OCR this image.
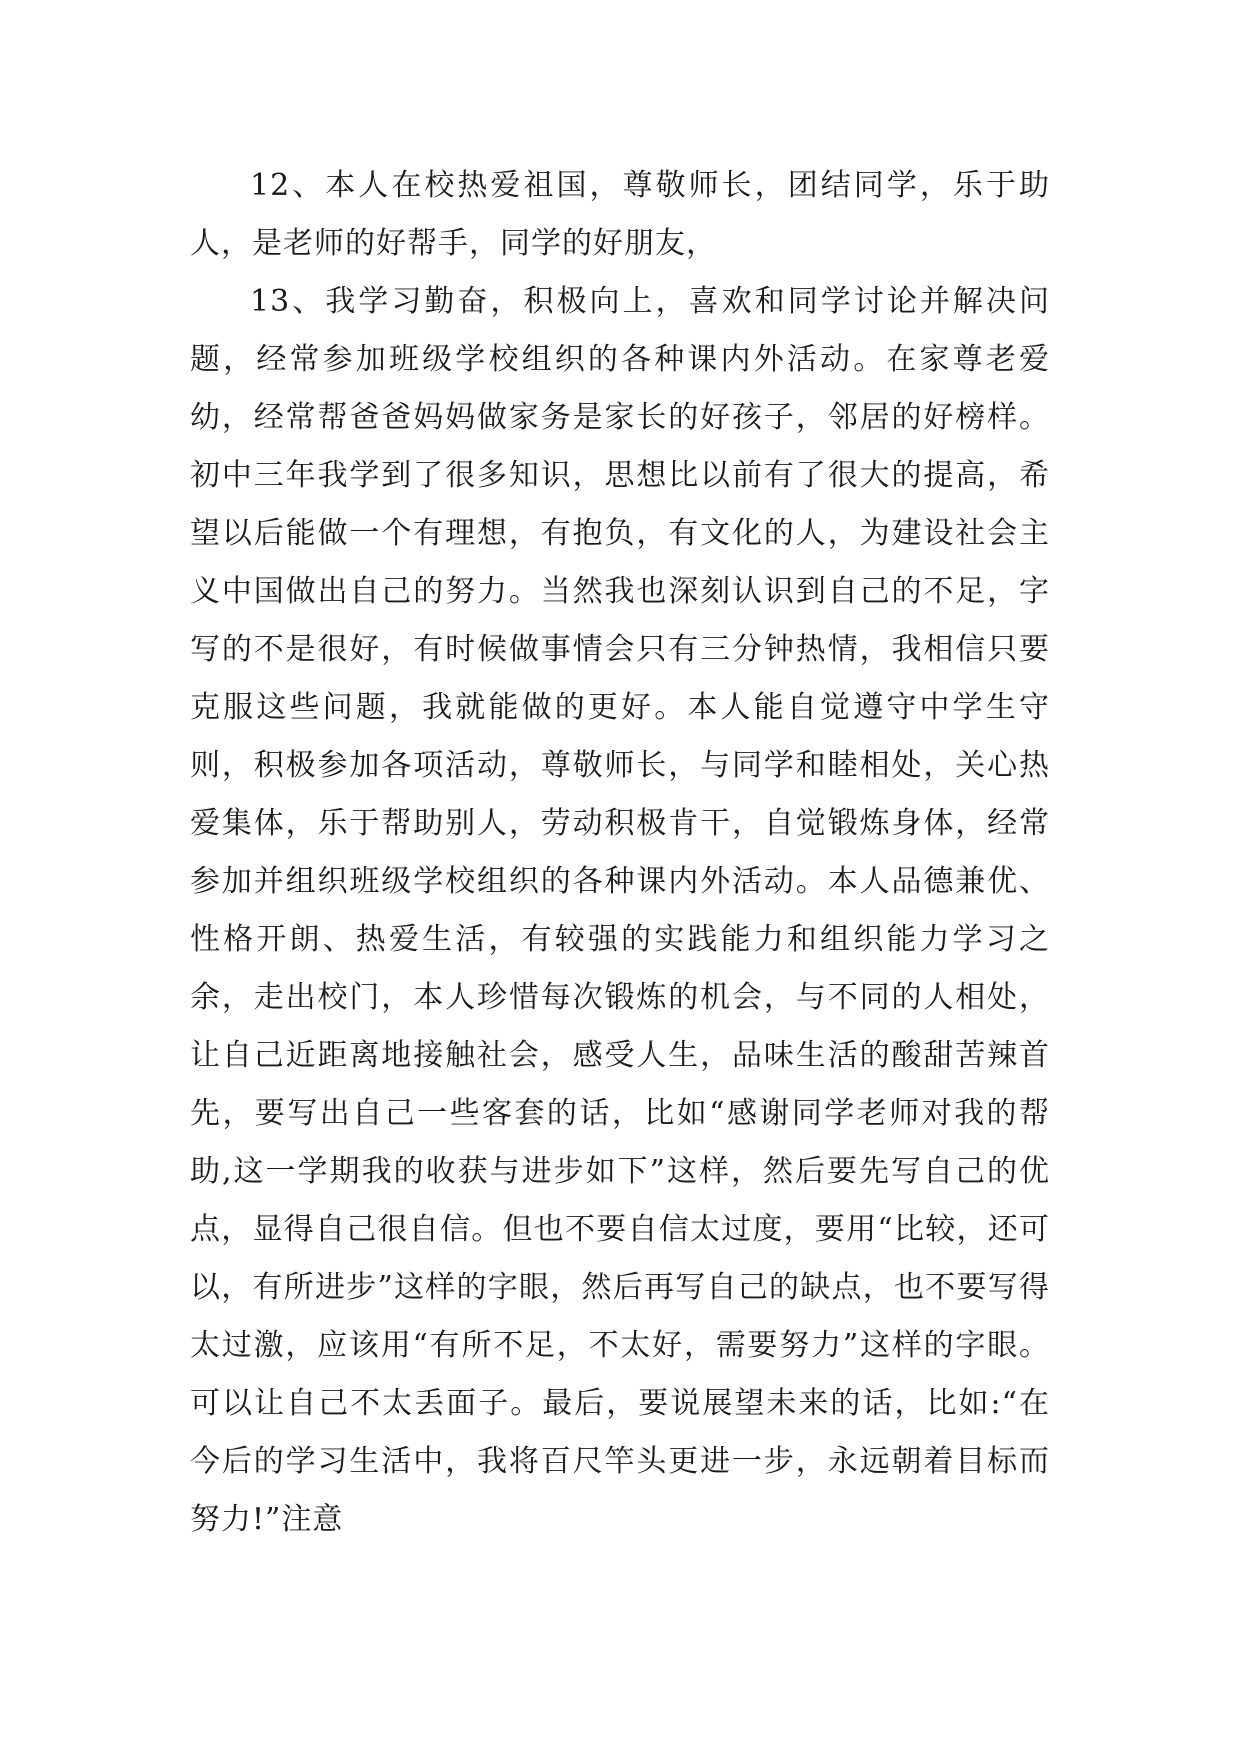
12、本人在校热爱祖国，尊敬师长，团结同学，乐于助人，是老师的好帮手，同学的好朋友，

13、我学习勤奋，积极向上，喜欢和同学讨论并解决问题，经常参加班级学校组织的各种课内外活动。在家尊老爱幼，经常帮爸爸妈妈做家务是家长的好孩子，邻居的好榜样。初中三年我学到了很多知识，思想比以前有了很大的提高，希望以后能做一个有理想，有抱负，有文化的人，为建设社会主义中国做出自己的努力。当然我也深刻认识到自己的不足，字写的不是很好，有时候做事情会只有三分钟热情，我相信只要克服这些问题，我就能做的更好。本人能自觉遵守中学生守则，积极参加各项活动，尊敬师长，与同学和睦相处，关心热爱集体，乐于帮助别人，劳动积极肯干，自觉锻炼身体，经常参加并组织班级学校组织的各种课内外活动。本人品德兼优、性格开朗、热爱生活，有较强的实践能力和组织能力学习之余，走出校门，本人珍惜每次锻炼的机会，与不同的人相处，让自己近距离地接触社会，感受人生，品味生活的酸甜苦辣首先，要写出自己一些客套的话，比如“感谢同学老师对我的帮助,这一学期我的收获与进步如下”这样，然后要先写自己的优点，显得自己很自信。但也不要自信太过度，要用“比较，还可以，有所进步”这样的字眼，然后再写自己的缺点，也不要写得太过激，应该用“有所不足，不太好，需要努力”这样的字眼。可以让自己不太丢面子。最后，要说展望未来的话，比如:“在今后的学习生活中，我将百尺竿头更进一步，永远朝着目标而努力!”注意
